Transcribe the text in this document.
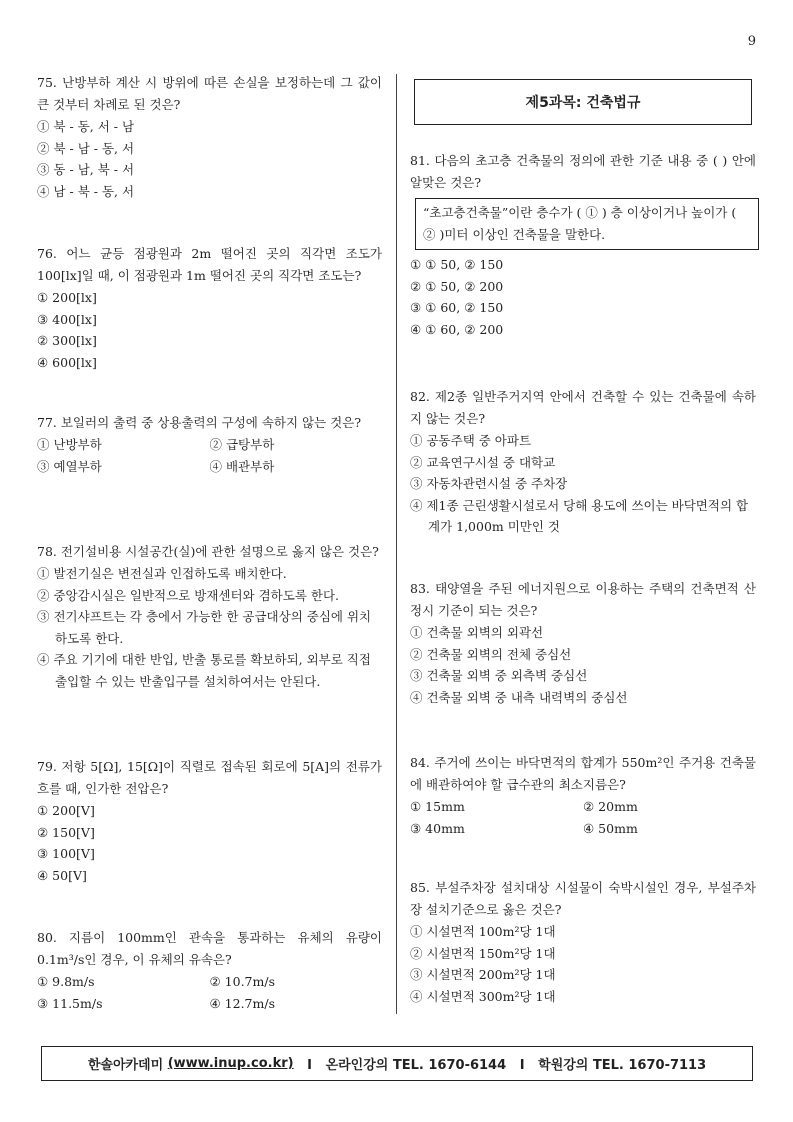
9

75. 난방부하 계산 시 방위에 따른 손실을 보정하는데 그 값이 큰 것부터 차례로 된 것은?

① 북 - 동, 서 - 남

② 북 - 남 - 동, 서

③ 동 - 남, 북 - 서

④ 남 - 북 - 동, 서

76. 어느 균등 점광원과 2m 떨어진 곳의 직각면 조도가 100[lx]일 때, 이 점광원과 1m 떨어진 곳의 직각면 조도는?

① 200[lx]

③ 400[lx]

② 300[lx]

④ 600[lx]

77. 보일러의 출력 중 상용출력의 구성에 속하지 않는 것은?

① 난방부하	② 급탕부하
③ 예열부하	④ 배관부하

78. 전기설비용 시설공간(실)에 관한 설명으로 옳지 않은 것은?

① 발전기실은 변전실과 인접하도록 배치한다.

② 중앙감시실은 일반적으로 방재센터와 겸하도록 한다.

③ 전기샤프트는 각 층에서 가능한 한 공급대상의 중심에 위치하도록 한다.

④ 주요 기기에 대한 반입, 반출 통로를 확보하되, 외부로 직접 출입할 수 있는 반출입구를 설치하여서는 안된다.

79. 저항 5[Ω], 15[Ω]이 직렬로 접속된 회로에 5[A]의 전류가 흐를 때, 인가한 전압은?

① 200[V]

② 150[V]

③ 100[V]

④ 50[V]

80. 지름이 100mm인 관속을 통과하는 유체의 유량이 0.1m³/s인 경우, 이 유체의 유속은?

① 9.8m/s	② 10.7m/s
③ 11.5m/s	④ 12.7m/s
제5과목: 건축법규

81. 다음의 초고층 건축물의 정의에 관한 기준 내용 중 ( ) 안에 알맞은 것은?

“초고층건축물”이란 층수가 ( ① ) 층 이상이거나 높이가 ( ② )미터 이상인 건축물을 말한다.

① ① 50, ② 150

② ① 50, ② 200

③ ① 60, ② 150

④ ① 60, ② 200

82. 제2종 일반주거지역 안에서 건축할 수 있는 건축물에 속하지 않는 것은?

① 공동주택 중 아파트

② 교육연구시설 중 대학교

③ 자동차관련시설 중 주차장

④ 제1종 근린생활시설로서 당해 용도에 쓰이는 바닥면적의 합계가 1,000m 미만인 것

83. 태양열을 주된 에너지원으로 이용하는 주택의 건축면적 산정시 기준이 되는 것은?

① 건축물 외벽의 외곽선

② 건축물 외벽의 전체 중심선

③ 건축물 외벽 중 외측벽 중심선

④ 건축물 외벽 중 내측 내력벽의 중심선

84. 주거에 쓰이는 바닥면적의 합계가 550m²인 주거용 건축물에 배관하여야 할 급수관의 최소지름은?

① 15mm	② 20mm
③ 40mm	④ 50mm

85. 부설주차장 설치대상 시설물이 숙박시설인 경우, 부설주차장 설치기준으로 옳은 것은?

① 시설면적 100m²당 1대

② 시설면적 150m²당 1대

③ 시설면적 200m²당 1대

④ 시설면적 300m²당 1대

한솔아카데미 (www.inup.co.kr) I   온라인강의 TEL. 1670-6144   I   학원강의 TEL. 1670-7113
